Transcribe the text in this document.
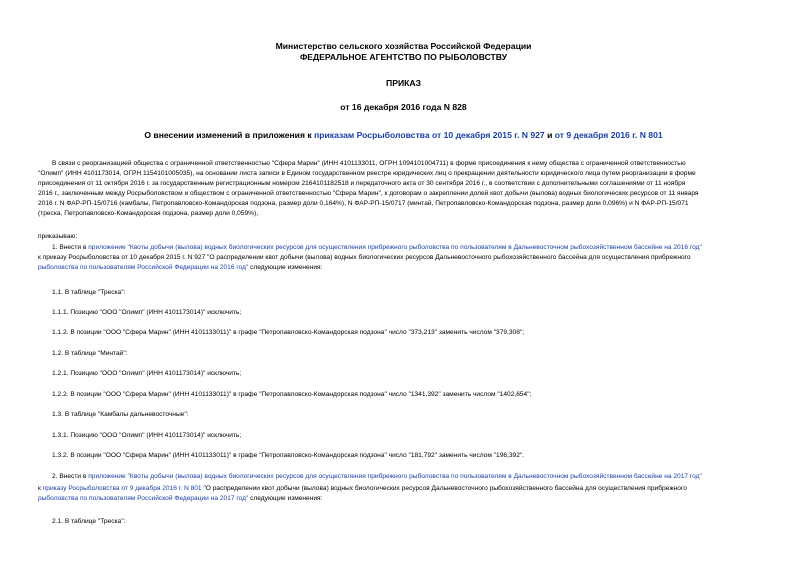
Министерство сельского хозяйства Российской Федерации
ФЕДЕРАЛЬНОЕ АГЕНТСТВО ПО РЫБОЛОВСТВУ
ПРИКАЗ
от 16 декабря 2016 года N 828
О внесении изменений в приложения к приказам Росрыболовства от 10 декабря 2015 г. N 927 и от 9 декабря 2016 г. N 801
В связи с реорганизацией общества с ограниченной ответственностью "Сфера Марин" (ИНН 4101133011, ОГРН 1094101004711) в форме присоединения к нему общества с ограниченной ответственностью
"Олимп" (ИНН 4101173014, ОГРН 1154101005035), на основании листа записи в Едином государственном реестре юридических лиц о прекращении деятельности юридического лица путем реорганизации в форме
присоединения от 11 октября 2016 г. за государственным регистрационным номером 2164101182518 и передаточного акта от 30 сентября 2016 г., в соответствии с дополнительными соглашениями от 11 ноября
2016 г., заключенным между Росрыболовством и обществом с ограниченной ответственностью "Сфера Марин", к договорам о закреплении долей квот добычи (вылова) водных биологических ресурсов от 11 января
2016 г. N ФАР-РП-15/0716 (камбалы, Петропавловско-Командорская подзона, размер доли 0,164%), N ФАР-РП-15/0717 (минтай, Петропавловско-Командорская подзона, размер доли 0,096%) и N ФАР-РП-15/071
(треска, Петропавловско-Командорская подзона, размер доли 0,059%),
приказываю:
1. Внести в приложение "Квоты добычи (вылова) водных биологических ресурсов для осуществления прибрежного рыболовства по пользователям в Дальневосточном рыбохозяйственном бассейне на 2016 год"
к приказу Росрыболовства от 10 декабря 2015 г. N 927 "О распределении квот добычи (вылова) водных биологических ресурсов Дальневосточного рыбохозяйственного бассейна для осуществления прибрежного
рыболовства по пользователям Российской Федерации на 2016 год" следующие изменения:
1.1. В таблице "Треска":
1.1.1. Позицию "ООО "Олимп" (ИНН 4101173014)" исключить;
1.1.2. В позиции "ООО "Сфера Марин" (ИНН 4101133011)" в графе "Петропавловско-Командорская подзона" число "373,213" заменить числом "379,308";
1.2. В таблице "Минтай":
1.2.1. Позицию "ООО "Олимп" (ИНН 4101173014)" исключить;
1.2.2. В позиции "ООО "Сфера Марин" (ИНН 4101133011)" в графе "Петропавловско-Командорская подзона" число "1341,392" заменить числом "1402,654";
1.3. В таблице "Камбалы дальневосточные":
1.3.1. Позицию "ООО "Олимп" (ИНН 4101173014)" исключить;
1.3.2. В позиции "ООО "Сфера Марин" (ИНН 4101133011)" в графе "Петропавловско-Командорская подзона" число "181,792" заменить числом "196,392".
2. Внести в приложение "Квоты добычи (вылова) водных биологических ресурсов для осуществления прибрежного рыболовства по пользователям в Дальневосточном рыбохозяйственном бассейне на 2017 год"
к приказу Росрыболовства от 9 декабря 2016 г. N 801 "О распределении квот добычи (вылова) водных биологических ресурсов Дальневосточного рыбохозяйственного бассейна для осуществления прибрежного
рыболовства по пользователям Российской Федерации на 2017 год" следующие изменения:
2.1. В таблице "Треска":
